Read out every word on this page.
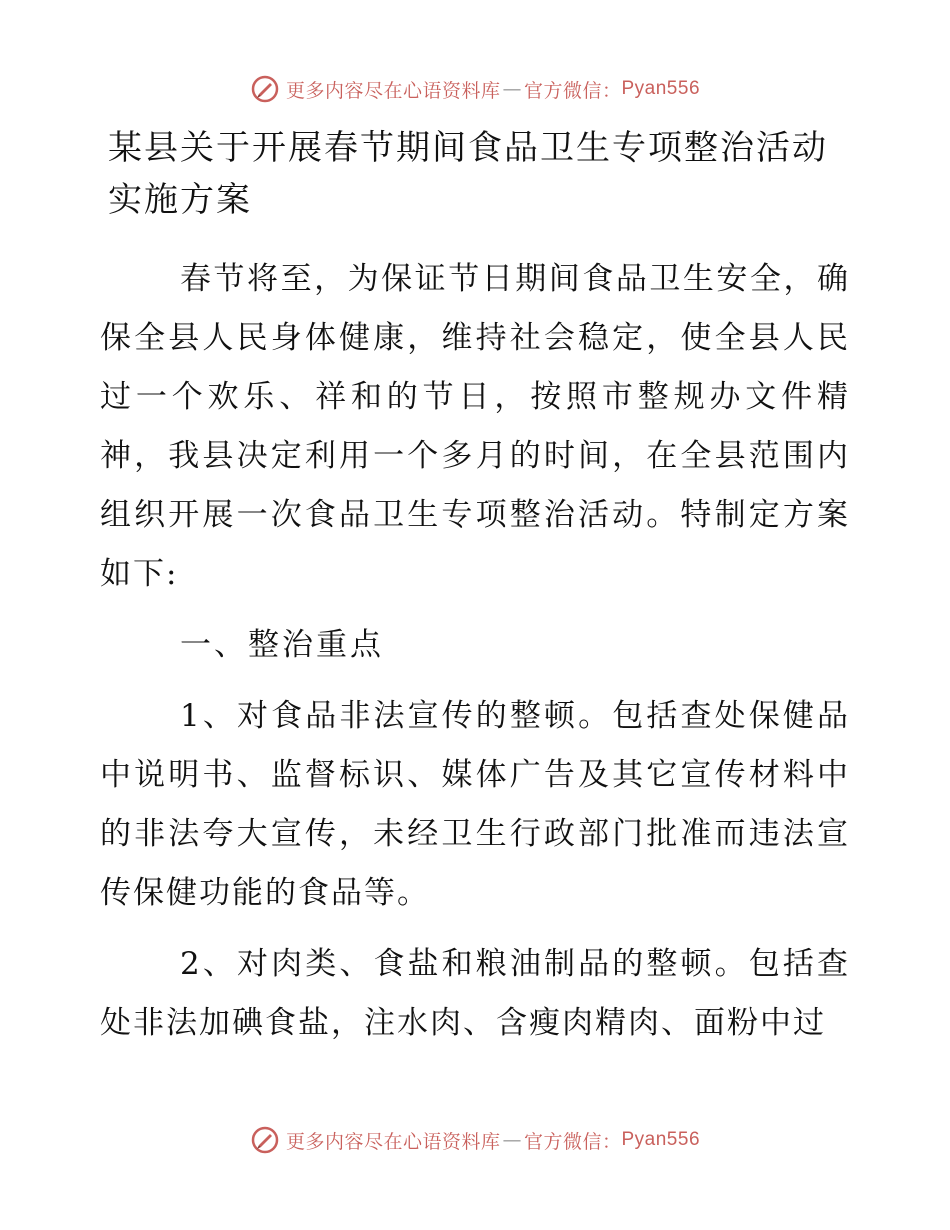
更多内容尽在心语资料库 — 官方微信： Pyan556
某县关于开展春节期间食品卫生专项整治活动实施方案

春节将至，为保证节日期间食品卫生安全，确保全县人民身体健康，维持社会稳定，使全县人民过一个欢乐、祥和的节日，按照市整规办文件精神，我县决定利用一个多月的时间，在全县范围内组织开展一次食品卫生专项整治活动。特制定方案如下:

一、整治重点

1、对食品非法宣传的整顿。包括查处保健品中说明书、监督标识、媒体广告及其它宣传材料中的非法夸大宣传，未经卫生行政部门批准而违法宣传保健功能的食品等。

2、对肉类、食盐和粮油制品的整顿。包括查处非法加碘食盐，注水肉、含瘦肉精肉、面粉中过

更多内容尽在心语资料库 — 官方微信： Pyan556
